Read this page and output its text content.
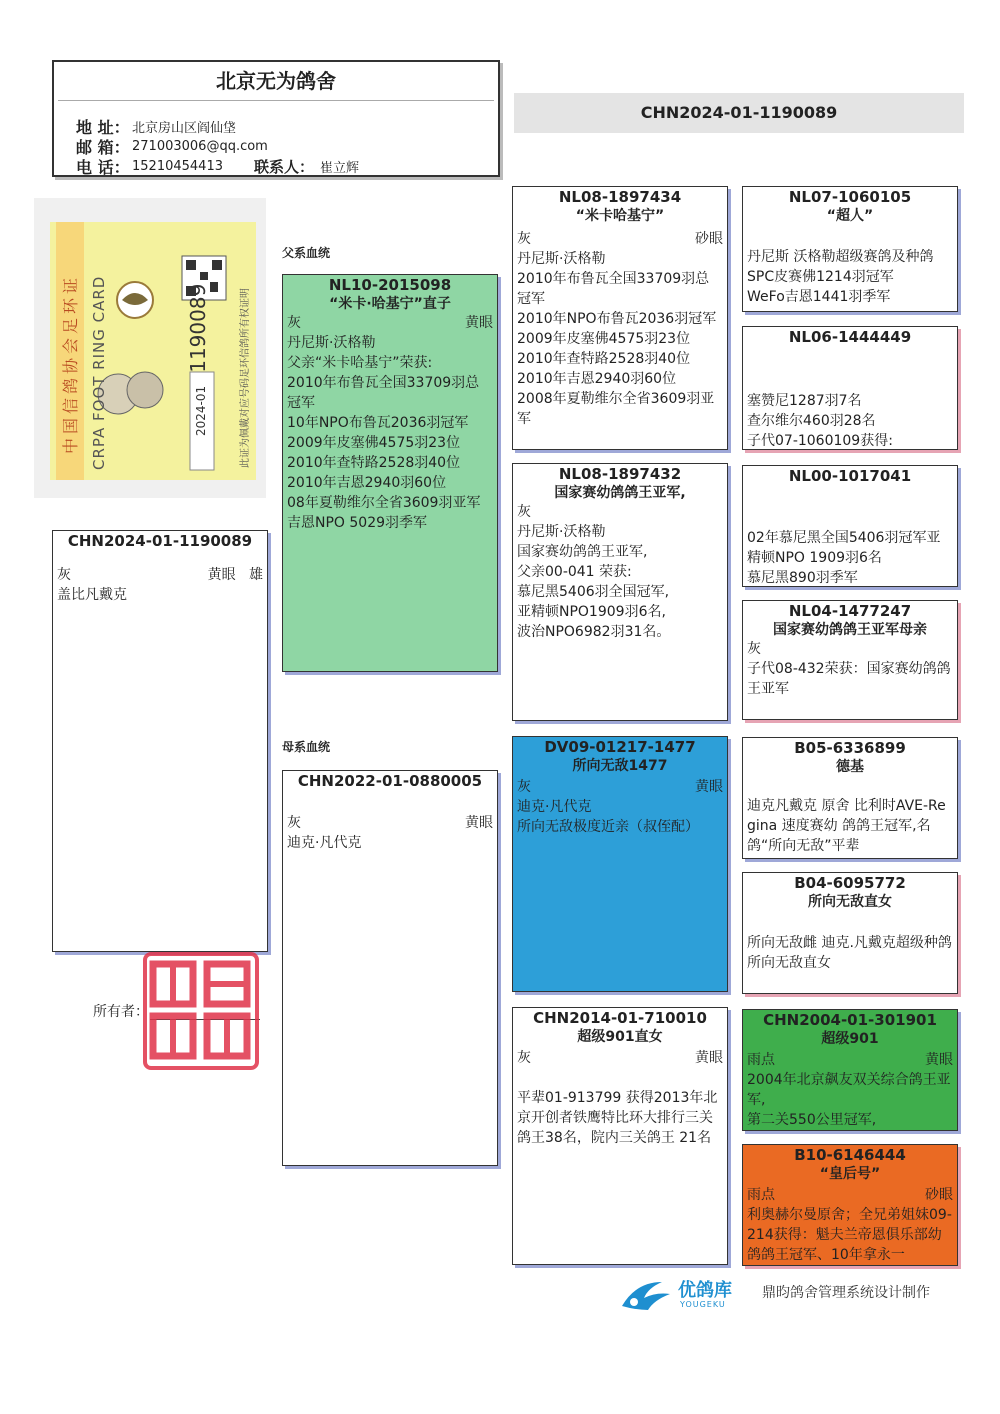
北京无为鸽舍
地 址： 北京房山区阎仙垡
邮 箱： 271003006@qq.com
电 话： 15210454413	联系人： 崔立辉
CHN2024-01-1190089
中国信鸽协会足环证 CRPA FOOT RING CARD	2024-01 1190089	此证为佩戴对应号码足环信鸽所有权证明
父系血统
母系血统
CHN2024-01-1190089
灰	黄眼 雄
盖比凡戴克
NL10-2015098
“米卡·哈基宁”直子
灰	黄眼
丹尼斯·沃格勒
父亲“米卡哈基宁”荣获:
2010年布鲁瓦全国33709羽总冠军
10年NPO布鲁瓦2036羽冠军
2009年皮塞佛4575羽23位
2010年查特路2528羽40位
2010年吉恩2940羽60位
08年夏勒维尔全省3609羽亚军
吉恩NPO 5029羽季军
CHN2022-01-0880005
灰	黄眼
迪克·凡代克
NL08-1897434
“米卡哈基宁”
灰	砂眼
丹尼斯·沃格勒
2010年布鲁瓦全国33709羽总冠军
2010年NPO布鲁瓦2036羽冠军
2009年皮塞佛4575羽23位
2010年查特路2528羽40位
2010年吉恩2940羽60位
2008年夏勒维尔全省3609羽亚军
NL08-1897432
国家赛幼鸽鸽王亚军,
灰
丹尼斯·沃格勒
国家赛幼鸽鸽王亚军,
父亲00-041 荣获:
慕尼黑5406羽全国冠军,
亚精顿NPO1909羽6名,
波治NPO6982羽31名。
DV09-01217-1477
所向无敌1477
灰	黄眼
迪克·凡代克
所向无敌极度近亲（叔侄配）
CHN2014-01-710010
超级901直女
灰	黄眼
平辈01-913799 获得2013年北京开创者铁鹰特比环大排行三关鸽王38名，院内三关鸽王 21名
NL07-1060105
“超人”
丹尼斯 沃格勒超级赛鸽及种鸽
SPC皮赛佛1214羽冠军
WeFo吉恩1441羽季军
NL06-1444449
塞赞尼1287羽7名
查尔维尔460羽28名
子代07-1060109获得:
NL00-1017041
02年慕尼黑全国5406羽冠军亚
精顿NPO 1909羽6名
慕尼黑890羽季军
NL04-1477247
国家赛幼鸽鸽王亚军母亲
灰
子代08-432荣获：国家赛幼鸽鸽王亚军
B05-6336899
德基
迪克凡戴克 原舍 比利时AVE-Regina 速度赛幼 鸽鸽王冠军,名鸽“所向无敌”平辈
B04-6095772
所向无敌直女
所向无敌雌 迪克.凡戴克超级种鸽 所向无敌直女
CHN2004-01-301901
超级901
雨点	黄眼
2004年北京飙友双关综合鸽王亚军,
第二关550公里冠军,
B10-6146444
“皇后号”
雨点	砂眼
利奥赫尔曼原舍；全兄弟姐妹09-214获得：魁夫兰帝恩俱乐部幼鸽鸽王冠军、10年拿永一
所有者：
优鸽库
YOUGEKU
鼎昀鸽舍管理系统设计制作
